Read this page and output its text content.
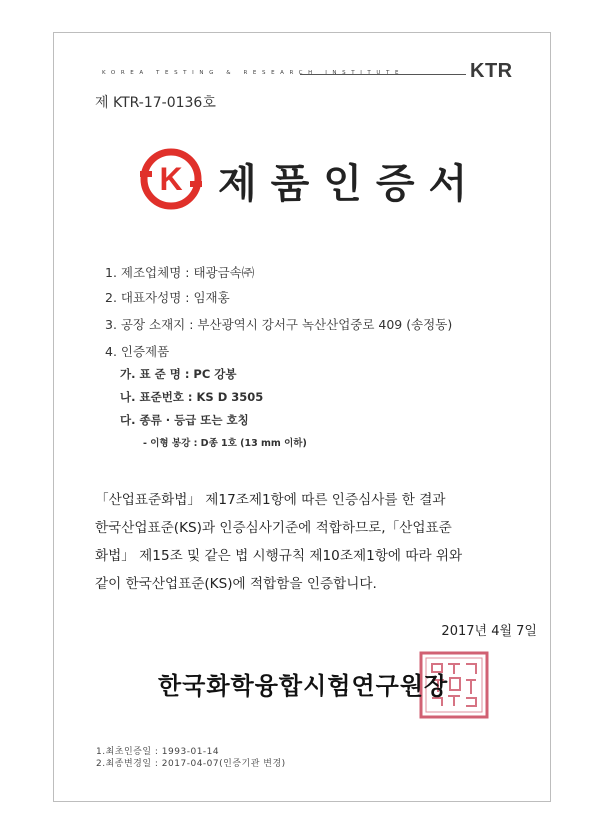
KOREA TESTING & RESEARCH INSTITUTE	KTR
제 KTR-17-0136호
K 제품인증서
1. 제조업체명 : 태광금속㈜
2. 대표자성명 : 임재홍
3. 공장 소재지 : 부산광역시 강서구 녹산산업중로 409 (송정동)
4. 인증제품
가. 표 준 명 : PC 강봉
나. 표준번호 : KS D 3505
다. 종류 · 등급 또는 호칭
- 이형 봉강 : D종 1호 (13 mm 이하)
「산업표준화법」 제17조제1항에 따른 인증심사를 한 결과
한국산업표준(KS)과 인증심사기준에 적합하므로,「산업표준
화법」 제15조 및 같은 법 시행규칙 제10조제1항에 따라 위와
같이 한국산업표준(KS)에 적합함을 인증합니다.
2017년 4월 7일
한국화학융합시험연구원장
1.최초인증일 : 1993-01-14
2.최종변경일 : 2017-04-07(인증기관 변경)
